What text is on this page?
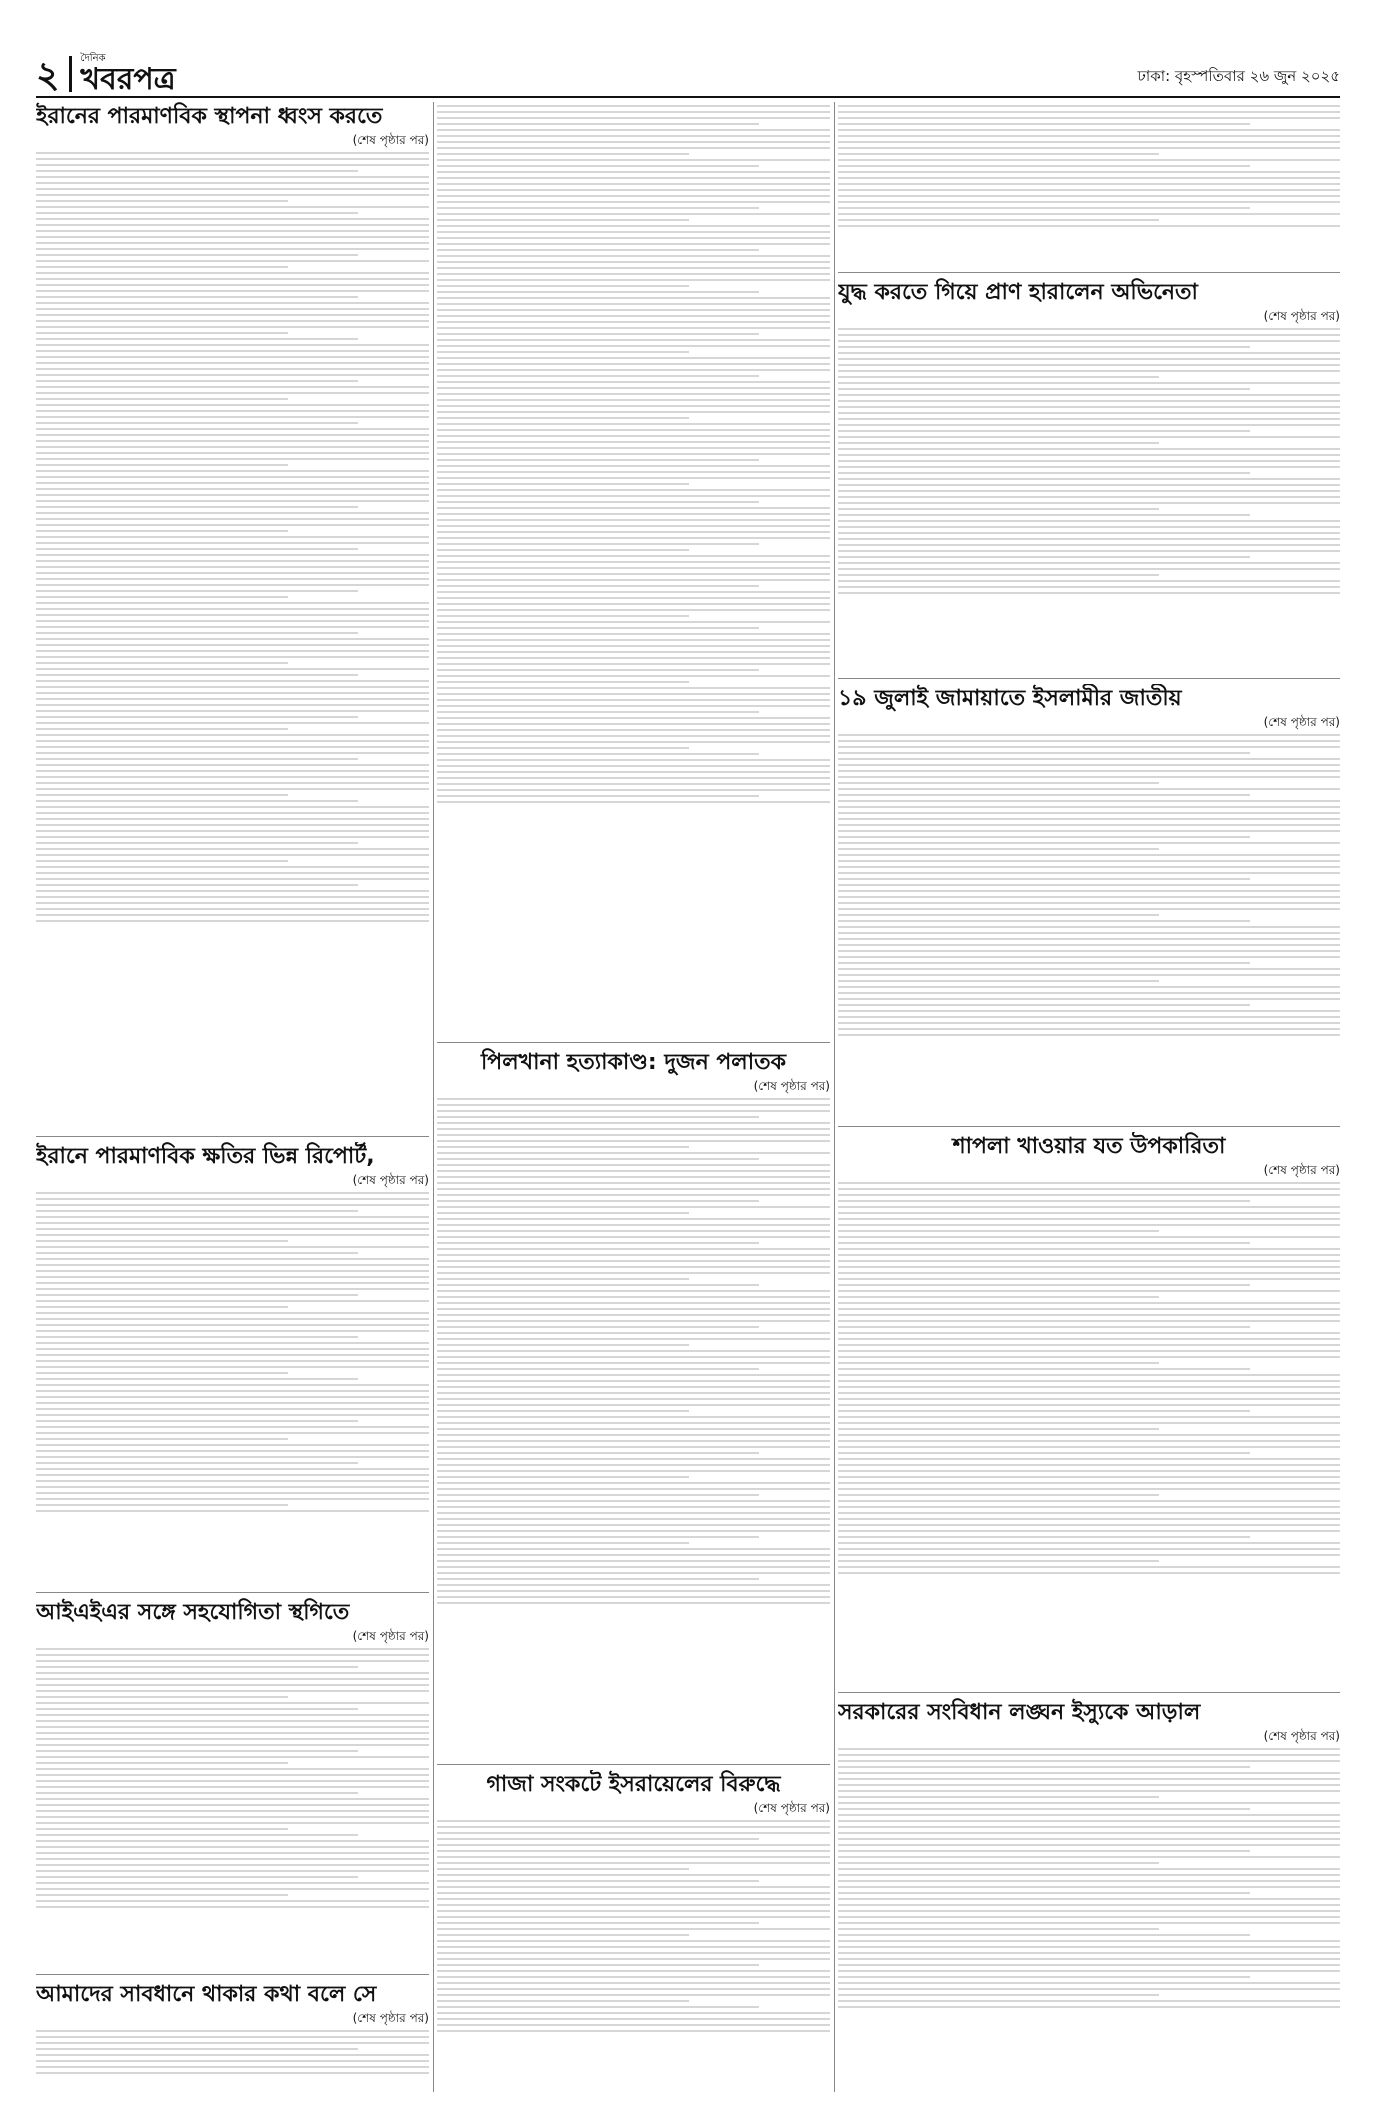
২ দৈনিক
খবরপত্র	ঢাকা: বৃহস্পতিবার ২৬ জুন ২০২৫
ইরানের পারমাণবিক স্থাপনা ধ্বংস করতে
(শেষ পৃষ্ঠার পর)
ইরানে পারমাণবিক ক্ষতির ভিন্ন রিপোর্ট,
(শেষ পৃষ্ঠার পর)
আইএইএর সঙ্গে সহযোগিতা স্থগিতে
(শেষ পৃষ্ঠার পর)
আমাদের সাবধানে থাকার কথা বলে সে
(শেষ পৃষ্ঠার পর)
পিলখানা হত্যাকাণ্ড: দুজন পলাতক
(শেষ পৃষ্ঠার পর)
গাজা সংকটে ইসরায়েলের বিরুদ্ধে
(শেষ পৃষ্ঠার পর)
যুদ্ধ করতে গিয়ে প্রাণ হারালেন অভিনেতা
(শেষ পৃষ্ঠার পর)
১৯ জুলাই জামায়াতে ইসলামীর জাতীয়
(শেষ পৃষ্ঠার পর)
শাপলা খাওয়ার যত উপকারিতা
(শেষ পৃষ্ঠার পর)
সরকারের সংবিধান লঙ্ঘন ইস্যুকে আড়াল
(শেষ পৃষ্ঠার পর)
